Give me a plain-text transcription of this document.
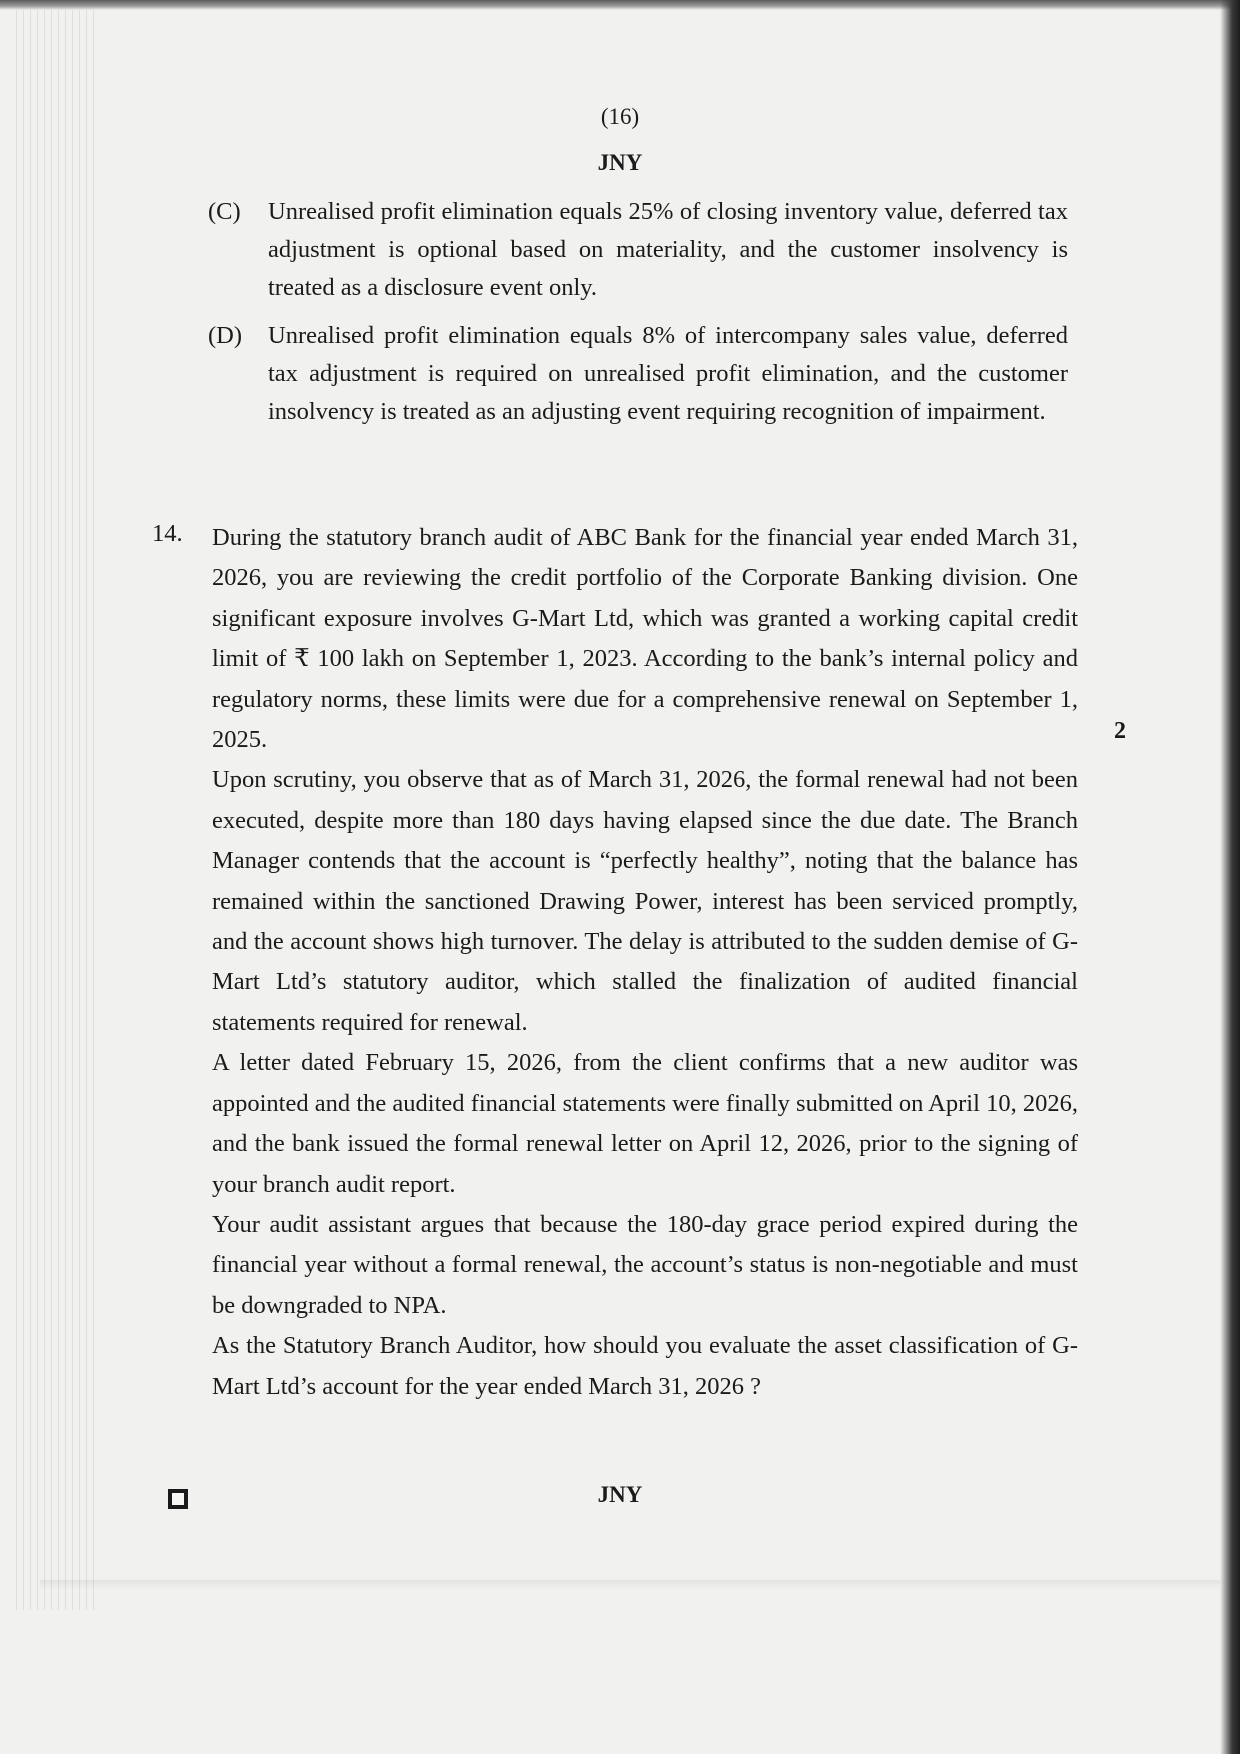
(16)
JNY
(C) Unrealised profit elimination equals 25% of closing inventory value, deferred tax adjustment is optional based on materiality, and the customer insolvency is treated as a disclosure event only.
(D) Unrealised profit elimination equals 8% of intercompany sales value, deferred tax adjustment is required on unrealised profit elimination, and the customer insolvency is treated as an adjusting event requiring recognition of impairment.
14. During the statutory branch audit of ABC Bank for the financial year ended March 31, 2026, you are reviewing the credit portfolio of the Corporate Banking division. One significant exposure involves G-Mart Ltd, which was granted a working capital credit limit of ₹ 100 lakh on September 1, 2023. According to the bank’s internal policy and regulatory norms, these limits were due for a comprehensive renewal on September 1, 2025.

Upon scrutiny, you observe that as of March 31, 2026, the formal renewal had not been executed, despite more than 180 days having elapsed since the due date. The Branch Manager contends that the account is “perfectly healthy”, noting that the balance has remained within the sanctioned Drawing Power, interest has been serviced promptly, and the account shows high turnover. The delay is attributed to the sudden demise of G-Mart Ltd’s statutory auditor, which stalled the finalization of audited financial statements required for renewal.

A letter dated February 15, 2026, from the client confirms that a new auditor was appointed and the audited financial statements were finally submitted on April 10, 2026, and the bank issued the formal renewal letter on April 12, 2026, prior to the signing of your branch audit report.

Your audit assistant argues that because the 180-day grace period expired during the financial year without a formal renewal, the account’s status is non-negotiable and must be downgraded to NPA.

As the Statutory Branch Auditor, how should you evaluate the asset classification of G-Mart Ltd’s account for the year ended March 31, 2026 ?

2
JNY
